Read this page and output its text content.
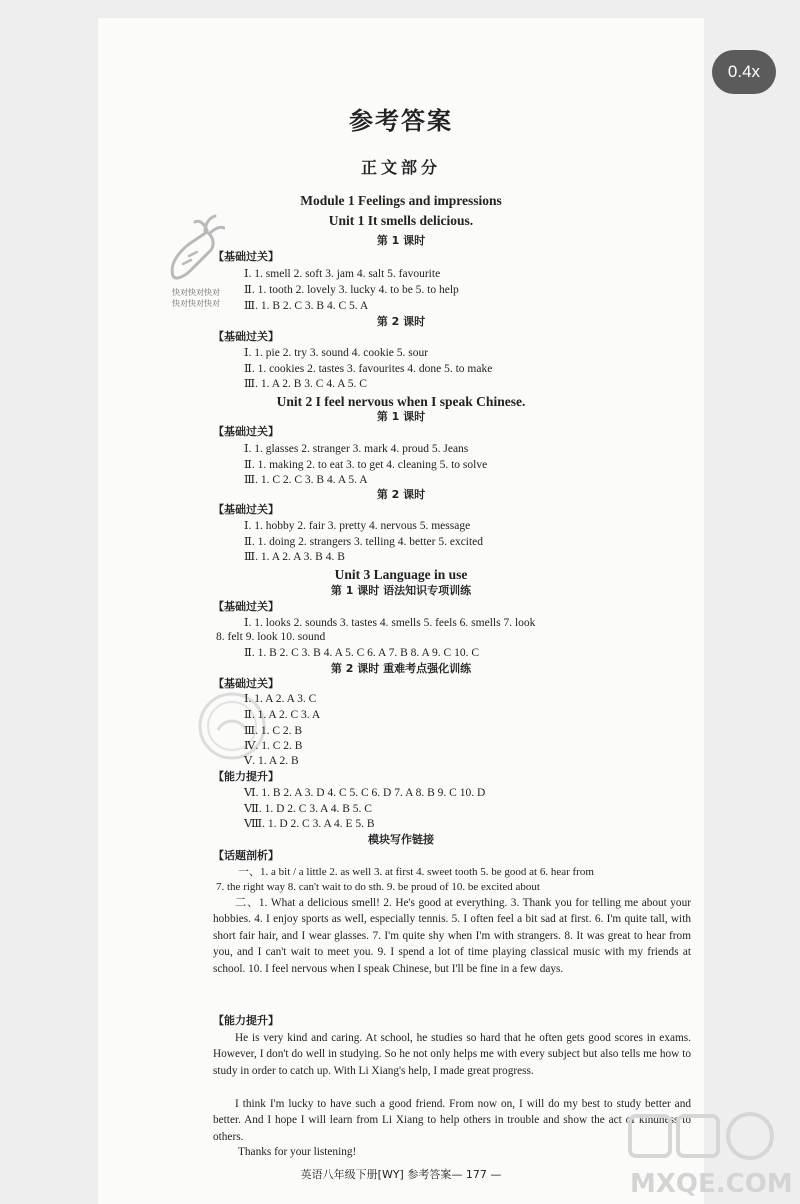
0.4x
参考答案
正文部分
快对快对快对
快对快对快对
Module 1 Feelings and impressions
Unit 1 It smells delicious.
第 1 课时
【基础过关】
Ⅰ. 1. smell 2. soft 3. jam 4. salt 5. favourite
Ⅱ. 1. tooth 2. lovely 3. lucky 4. to be 5. to help
Ⅲ. 1. B 2. C 3. B 4. C 5. A
第 2 课时
【基础过关】
Ⅰ. 1. pie 2. try 3. sound 4. cookie 5. sour
Ⅱ. 1. cookies 2. tastes 3. favourites 4. done 5. to make
Ⅲ. 1. A 2. B 3. C 4. A 5. C
Unit 2 I feel nervous when I speak Chinese.
第 1 课时
【基础过关】
Ⅰ. 1. glasses 2. stranger 3. mark 4. proud 5. Jeans
Ⅱ. 1. making 2. to eat 3. to get 4. cleaning 5. to solve
Ⅲ. 1. C 2. C 3. B 4. A 5. A
第 2 课时
【基础过关】
Ⅰ. 1. hobby 2. fair 3. pretty 4. nervous 5. message
Ⅱ. 1. doing 2. strangers 3. telling 4. better 5. excited
Ⅲ. 1. A 2. A 3. B 4. B
Unit 3 Language in use
第 1 课时 语法知识专项训练
【基础过关】
Ⅰ. 1. looks 2. sounds 3. tastes 4. smells 5. feels 6. smells 7. look
8. felt 9. look 10. sound
Ⅱ. 1. B 2. C 3. B 4. A 5. C 6. A 7. B 8. A 9. C 10. C
第 2 课时 重难考点强化训练
【基础过关】
Ⅰ. 1. A 2. A 3. C
Ⅱ. 1. A 2. C 3. A
Ⅲ. 1. C 2. B
Ⅳ. 1. C 2. B
Ⅴ. 1. A 2. B
【能力提升】
Ⅵ. 1. B 2. A 3. D 4. C 5. C 6. D 7. A 8. B 9. C 10. D
Ⅶ. 1. D 2. C 3. A 4. B 5. C
Ⅷ. 1. D 2. C 3. A 4. E 5. B
模块写作链接
【话题剖析】
一、1. a bit / a little 2. as well 3. at first 4. sweet tooth 5. be good at 6. hear from
7. the right way 8. can't wait to do sth. 9. be proud of 10. be excited about
二、1. What a delicious smell! 2. He's good at everything. 3. Thank you for telling me about your hobbies. 4. I enjoy sports as well, especially tennis. 5. I often feel a bit sad at first. 6. I'm quite tall, with short fair hair, and I wear glasses. 7. I'm quite shy when I'm with strangers. 8. It was great to hear from you, and I can't wait to meet you. 9. I spend a lot of time playing classical music with my friends at school. 10. I feel nervous when I speak Chinese, but I'll be fine in a few days.
【能力提升】
He is very kind and caring. At school, he studies so hard that he often gets good scores in exams. However, I don't do well in studying. So he not only helps me with every subject but also tells me how to study in order to catch up. With Li Xiang's help, I made great progress.
I think I'm lucky to have such a good friend. From now on, I will do my best to study better and better. And I hope I will learn from Li Xiang to help others in trouble and show the act of kindness to others.
Thanks for your listening!
英语八年级下册[WY] 参考答案— 177 —	MXQE.COM
